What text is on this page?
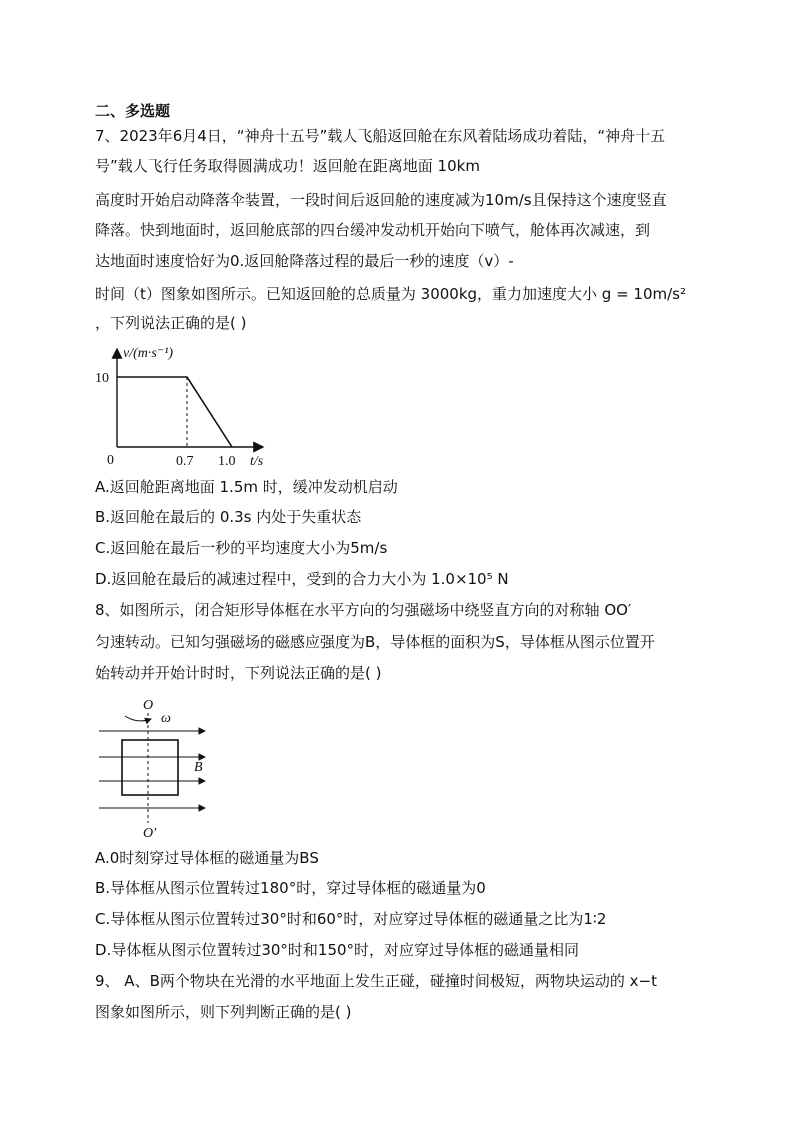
二、多选题
7、2023年6月4日，“神舟十五号”载人飞船返回舱在东风着陆场成功着陆，“神舟十五
号”载人飞行任务取得圆满成功！返回舱在距离地面 10km
高度时开始启动降落伞装置，一段时间后返回舱的速度减为10m/s且保持这个速度竖直
降落。快到地面时，返回舱底部的四台缓冲发动机开始向下喷气，舱体再次减速，到
达地面时速度恰好为0.返回舱降落过程的最后一秒的速度（v）-
时间（t）图象如图所示。已知返回舱的总质量为 3000kg，重力加速度大小 g = 10m/s²
，下列说法正确的是( )
v/(m·s⁻¹)
t/s
10
0	0.7 1.0
A.返回舱距离地面 1.5m 时，缓冲发动机启动
B.返回舱在最后的 0.3s 内处于失重状态
C.返回舱在最后一秒的平均速度大小为5m/s
D.返回舱在最后的减速过程中，受到的合力大小为 1.0×10⁵ N
8、如图所示，闭合矩形导体框在水平方向的匀强磁场中绕竖直方向的对称轴 OO′
匀速转动。已知匀强磁场的磁感应强度为B，导体框的面积为S，导体框从图示位置开
始转动并开始计时时，下列说法正确的是( )
O
ω
B
O′
A.0时刻穿过导体框的磁通量为BS
B.导体框从图示位置转过180°时，穿过导体框的磁通量为0
C.导体框从图示位置转过30°时和60°时，对应穿过导体框的磁通量之比为1∶2
D.导体框从图示位置转过30°时和150°时，对应穿过导体框的磁通量相同
9、 A、B两个物块在光滑的水平地面上发生正碰，碰撞时间极短，两物块运动的 x−t
图象如图所示，则下列判断正确的是( )
